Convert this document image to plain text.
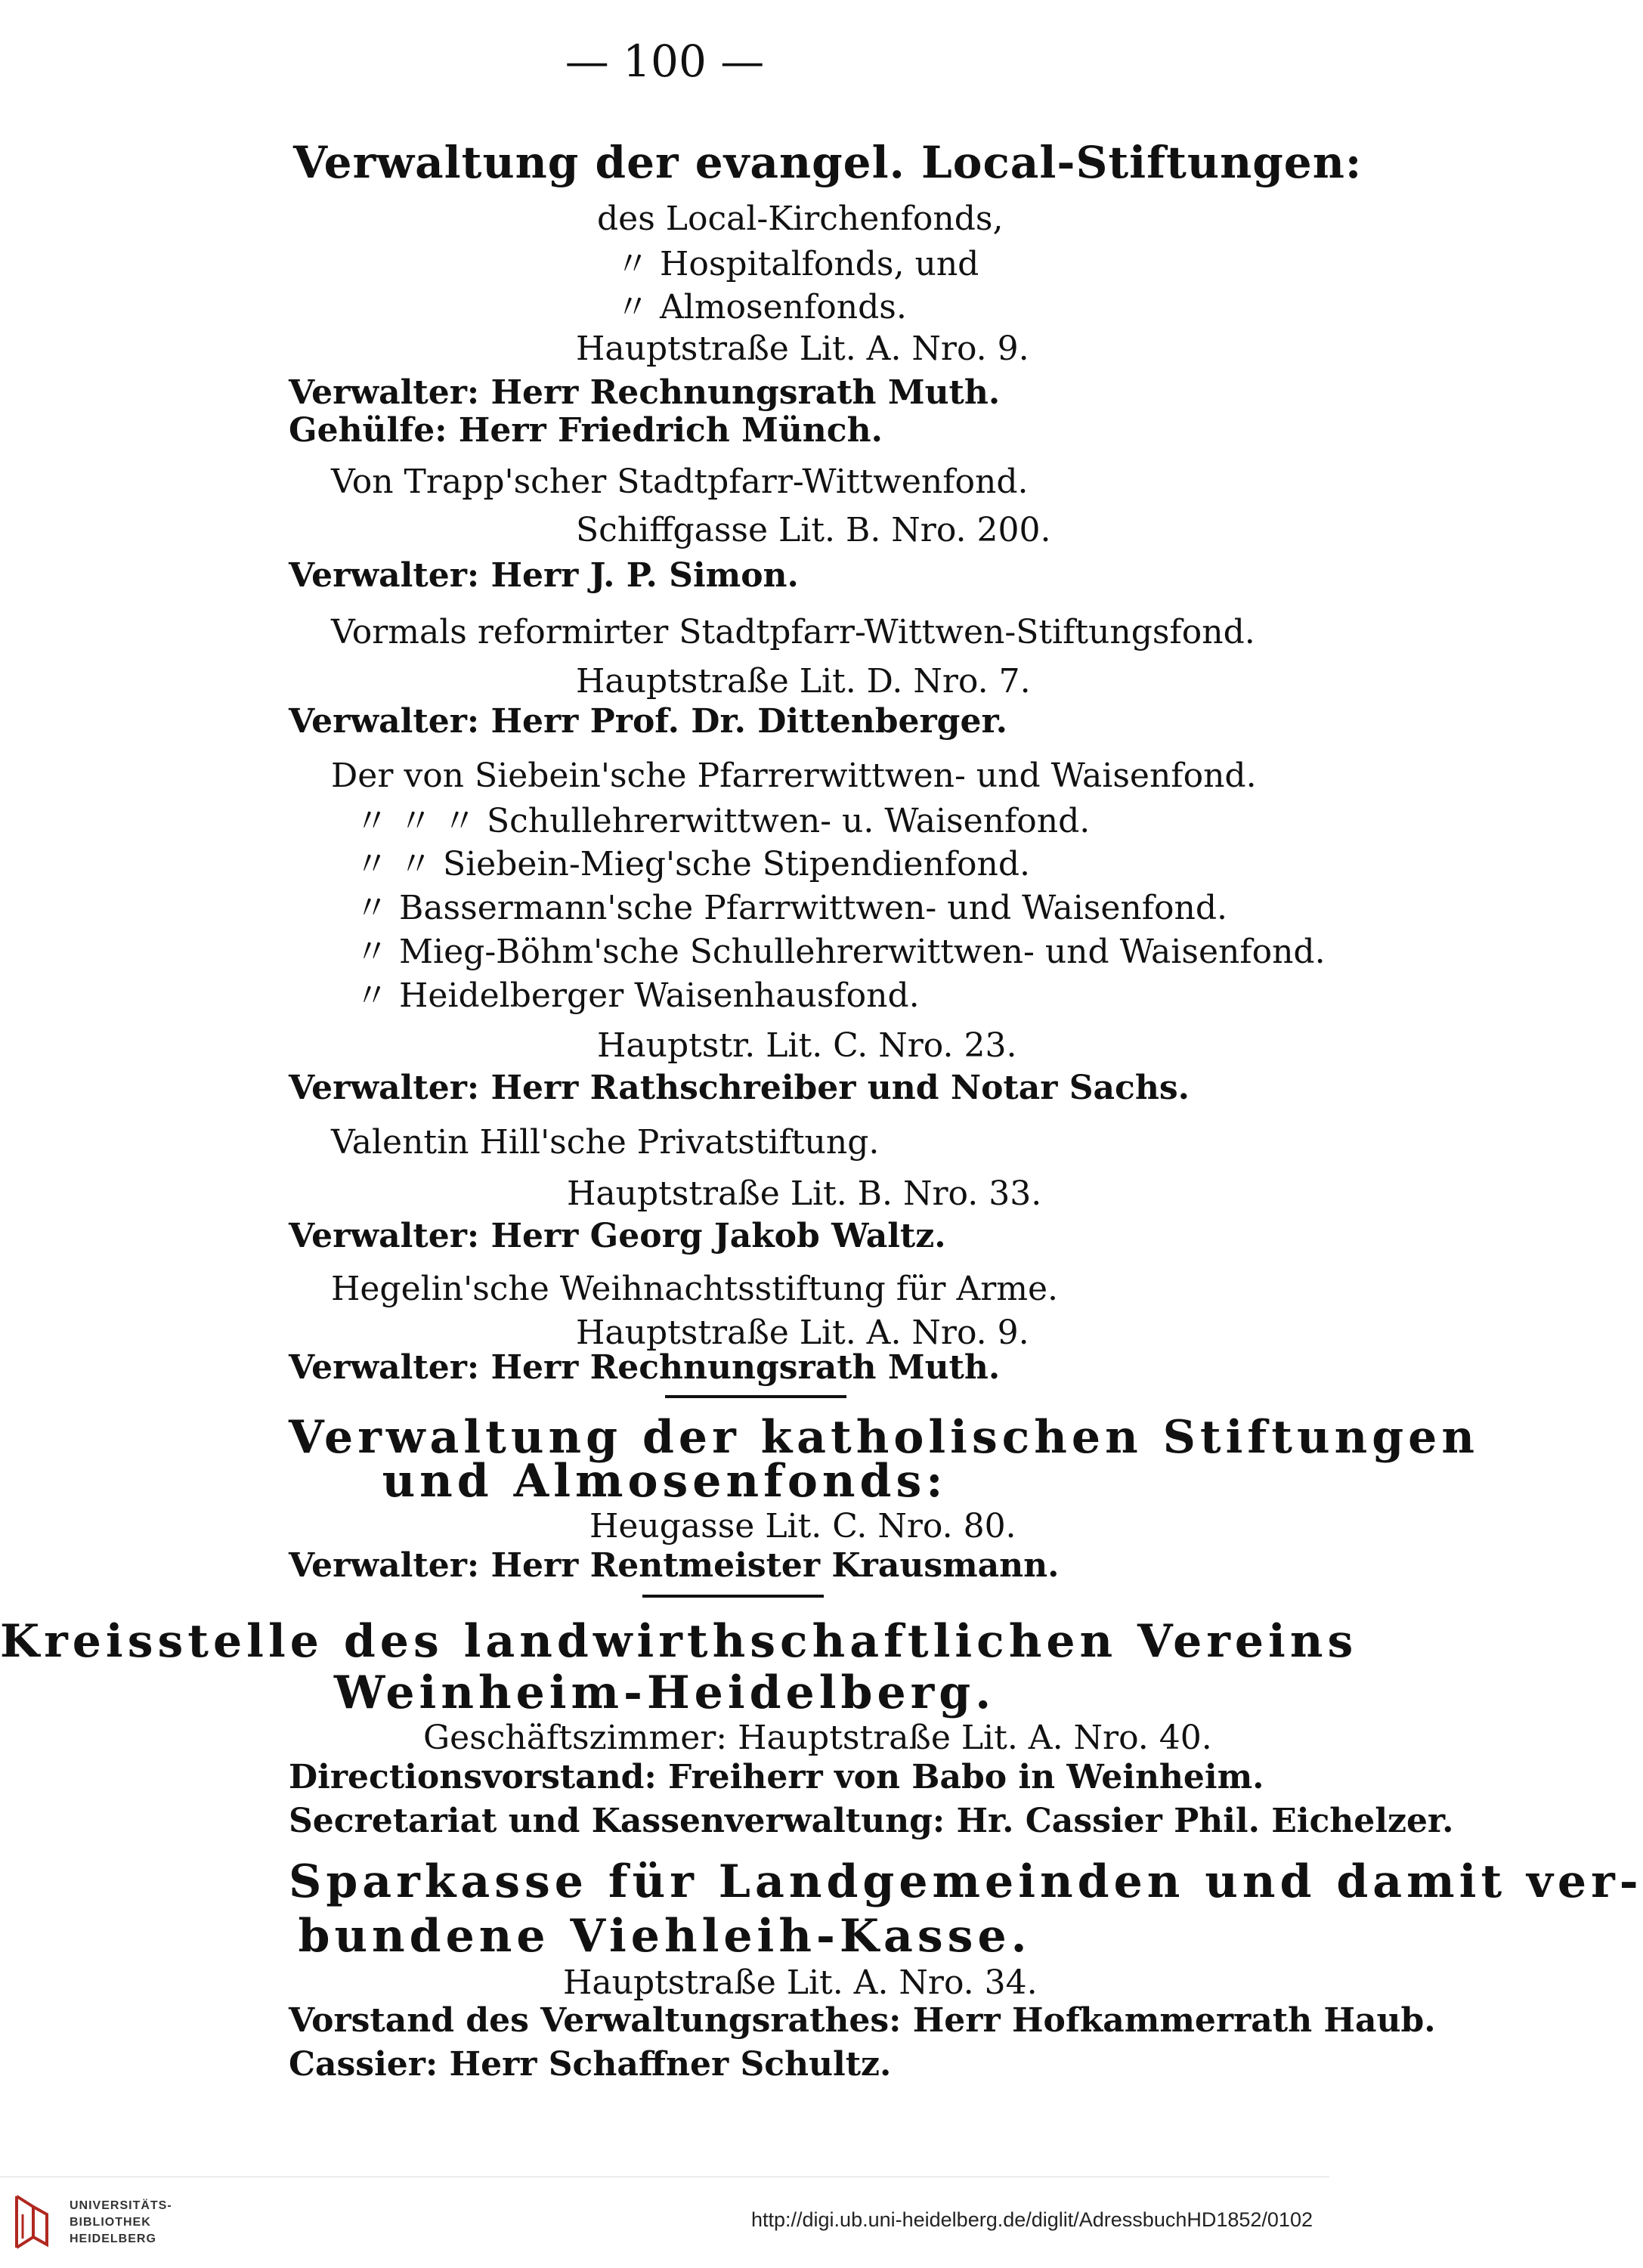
— 100 —
Verwaltung der evangel. Local-Stiftungen:
des Local-Kirchenfonds,
〃 Hospitalfonds, und
〃 Almosenfonds.
Hauptstraße Lit. A. Nro. 9.
Verwalter: Herr Rechnungsrath Muth.
Gehülfe: Herr Friedrich Münch.
Von Trapp'scher Stadtpfarr-Wittwenfond.
Schiffgasse Lit. B. Nro. 200.
Verwalter: Herr J. P. Simon.
Vormals reformirter Stadtpfarr-Wittwen-Stiftungsfond.
Hauptstraße Lit. D. Nro. 7.
Verwalter: Herr Prof. Dr. Dittenberger.
Der von Siebein'sche Pfarrerwittwen- und Waisenfond.
〃 〃 〃 Schullehrerwittwen- u. Waisenfond.
〃 〃 Siebein-Mieg'sche Stipendienfond.
〃 Bassermann'sche Pfarrwittwen- und Waisenfond.
〃 Mieg-Böhm'sche Schullehrerwittwen- und Waisenfond.
〃 Heidelberger Waisenhausfond.
Hauptstr. Lit. C. Nro. 23.
Verwalter: Herr Rathschreiber und Notar Sachs.
Valentin Hill'sche Privatstiftung.
Hauptstraße Lit. B. Nro. 33.
Verwalter: Herr Georg Jakob Waltz.
Hegelin'sche Weihnachtsstiftung für Arme.
Hauptstraße Lit. A. Nro. 9.
Verwalter: Herr Rechnungsrath Muth.
Verwaltung der katholischen Stiftungen
und Almosenfonds:
Heugasse Lit. C. Nro. 80.
Verwalter: Herr Rentmeister Krausmann.
Kreisstelle des landwirthschaftlichen Vereins
Weinheim-Heidelberg.
Geschäftszimmer: Hauptstraße Lit. A. Nro. 40.
Directionsvorstand: Freiherr von Babo in Weinheim.
Secretariat und Kassenverwaltung: Hr. Cassier Phil. Eichelzer.
Sparkasse für Landgemeinden und damit ver-
bundene Viehleih-Kasse.
Hauptstraße Lit. A. Nro. 34.
Vorstand des Verwaltungsrathes: Herr Hofkammerrath Haub.
Cassier: Herr Schaffner Schultz.
UNIVERSITÄTS-
BIBLIOTHEK
HEIDELBERG
http://digi.ub.uni-heidelberg.de/diglit/AdressbuchHD1852/0102
